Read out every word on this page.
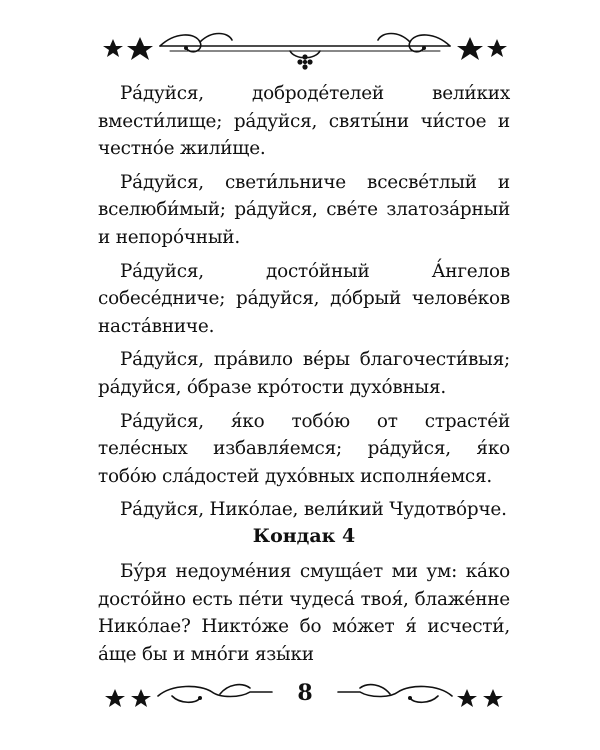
Ра́дуйся, доброде́телей вели́ких вмести́лище; ра́дуйся, святы́ни чи́стое и честно́е жили́ще.

Ра́дуйся, свети́льниче всесве́тлый и вселюби́мый; ра́дуйся, све́те златоза́рный и непоро́чный.

Ра́дуйся, досто́йный А́нгелов собесе́дниче; ра́дуйся, до́брый челове́ков наста́вниче.

Ра́дуйся, пра́вило ве́ры благочести́выя; ра́дуйся, о́бразе кро́тости духо́вныя.

Ра́дуйся, я́ко тобо́ю от страсте́й теле́сных избавля́емся; ра́дуйся, я́ко тобо́ю сла́достей духо́вных исполня́емся.

Ра́дуйся, Нико́лае, вели́кий Чудотво́рче.

Кондак 4

Бу́ря недоуме́ния смуща́ет ми ум: ка́ко досто́йно есть пе́ти чудеса́ твоя́, блаже́нне Нико́лае? Никто́же бо мо́жет я́ исчести́, а́ще бы и мно́ги язы́ки

8
